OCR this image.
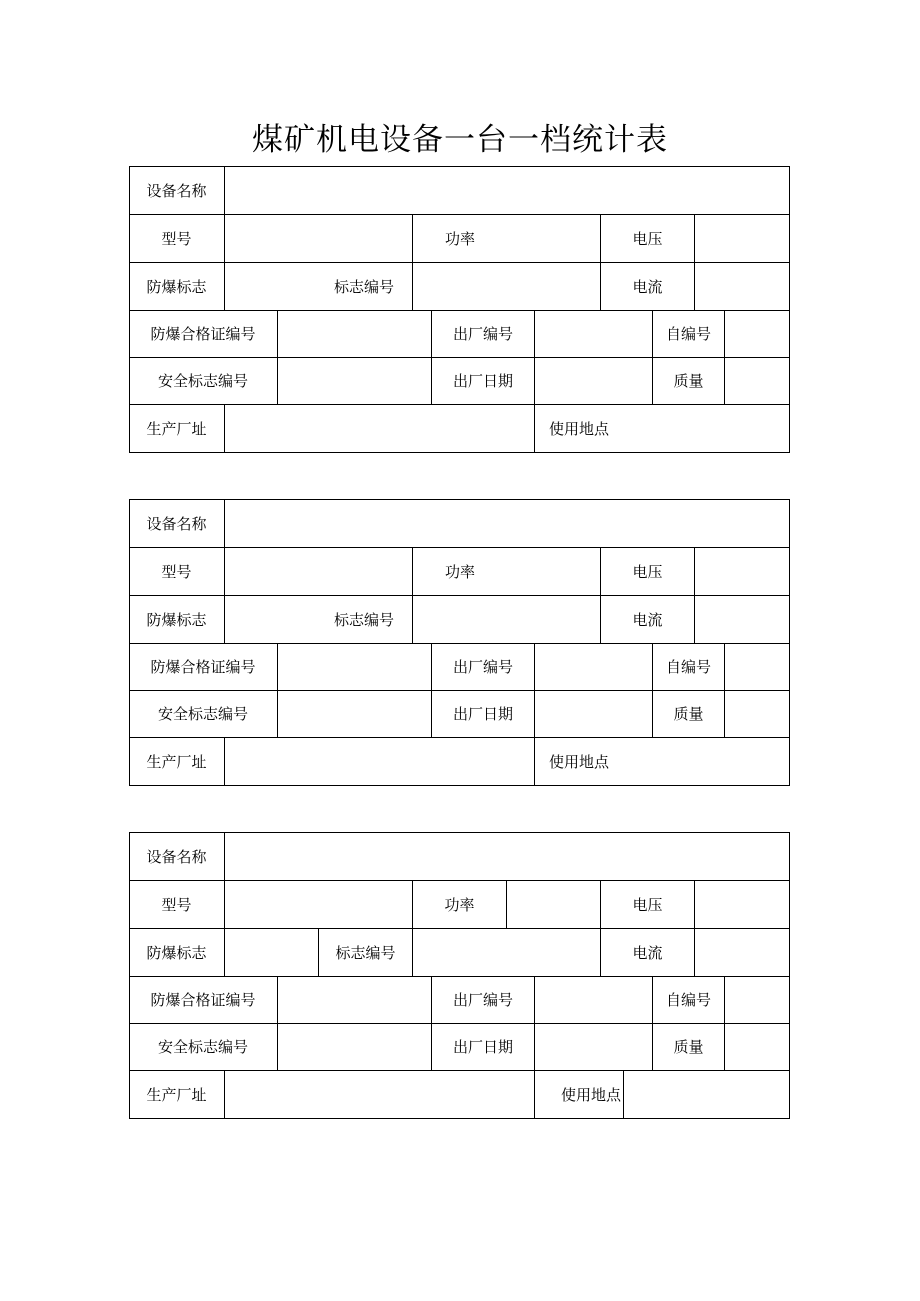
煤矿机电设备一台一档统计表
设备名称
型号	功率	电压
防爆标志	标志编号	电流
防爆合格证编号	出厂编号	自编号
安全标志编号	出厂日期	质量
生产厂址	使用地点
设备名称
型号	功率	电压
防爆标志	标志编号	电流
防爆合格证编号	出厂编号	自编号
安全标志编号	出厂日期	质量
生产厂址	使用地点
设备名称
型号	功率	电压
防爆标志	标志编号	电流
防爆合格证编号	出厂编号	自编号
安全标志编号	出厂日期	质量
生产厂址	使用地点
